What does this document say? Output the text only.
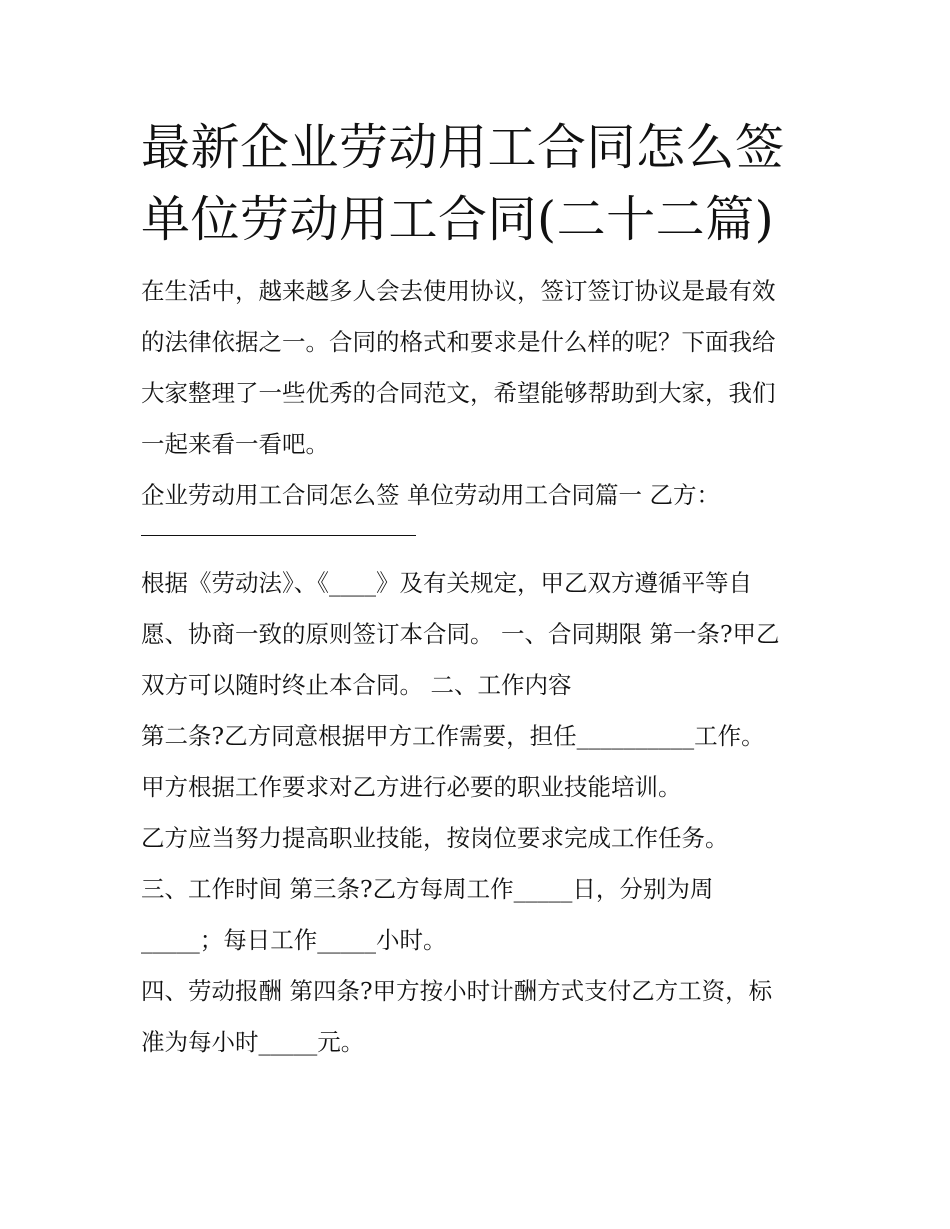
最新企业劳动用工合同怎么签
单位劳动用工合同(二十二篇)

在生活中，越来越多人会去使用协议，签订签订协议是最有效
的法律依据之一。合同的格式和要求是什么样的呢？下面我给
大家整理了一些优秀的合同范文，希望能够帮助到大家，我们
一起来看一看吧。

企业劳动用工合同怎么签 单位劳动用工合同篇一 乙方：

根据《劳动法》、《____》及有关规定，甲乙双方遵循平等自
愿、协商一致的原则签订本合同。 一、合同期限 第一条?甲乙
双方可以随时终止本合同。 二、工作内容
第二条?乙方同意根据甲方工作需要，担任__________工作。
甲方根据工作要求对乙方进行必要的职业技能培训。
乙方应当努力提高职业技能，按岗位要求完成工作任务。
三、工作时间 第三条?乙方每周工作_____日，分别为周
_____；每日工作_____小时。
四、劳动报酬 第四条?甲方按小时计酬方式支付乙方工资，标
准为每小时_____元。
